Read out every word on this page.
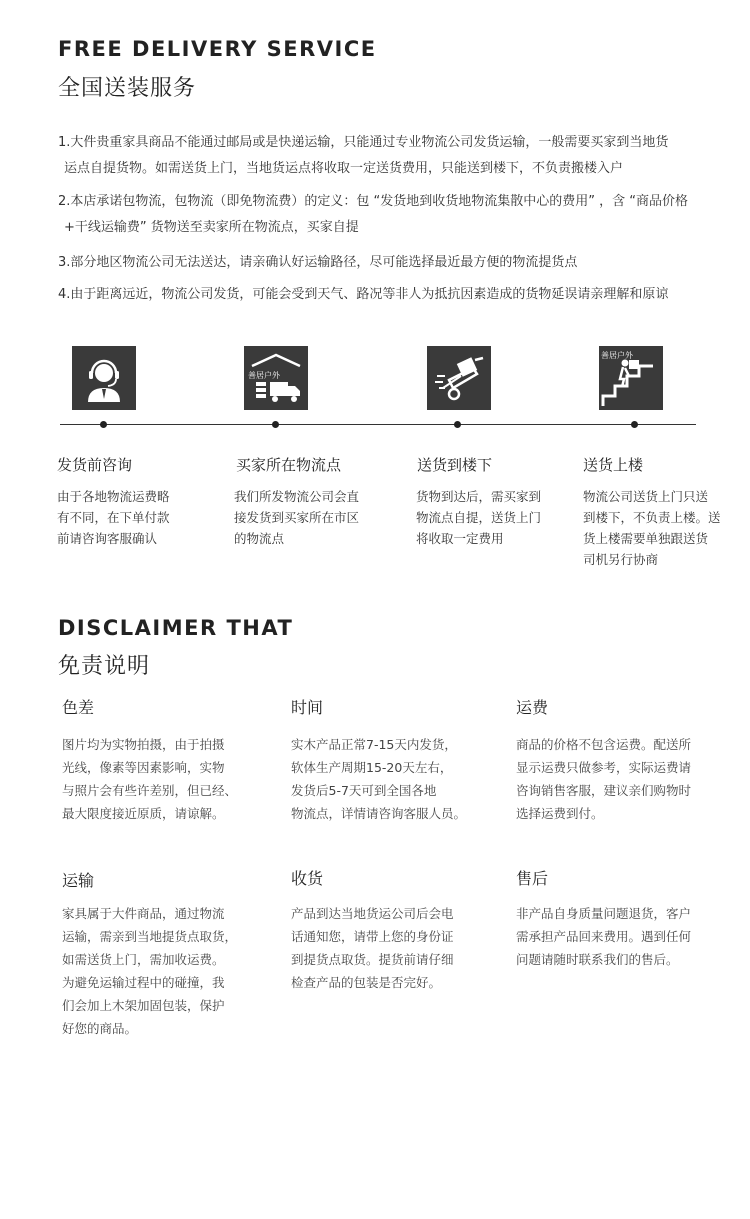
FREE DELIVERY SERVICE
全国送装服务
1.大件贵重家具商品不能通过邮局或是快递运输，只能通过专业物流公司发货运输，一般需要买家到当地货
运点自提货物。如需送货上门，当地货运点将收取一定送货费用，只能送到楼下，不负责搬楼入户
2.本店承诺包物流，包物流（即免物流费）的定义：包 “发货地到收货地物流集散中心的费用” ，含 “商品价格
+干线运输费” 货物送至卖家所在物流点，买家自提
3.部分地区物流公司无法送达，请亲确认好运输路径，尽可能选择最近最方便的物流提货点
4.由于距离远近，物流公司发货，可能会受到天气、路况等非人为抵抗因素造成的货物延误请亲理解和原谅
善居户外
善居户外
发货前咨询	买家所在物流点	送货到楼下	送货上楼
由于各地物流运费略
有不同，在下单付款
前请咨询客服确认
我们所发物流公司会直
接发货到买家所在市区
的物流点
货物到达后，需买家到
物流点自提，送货上门
将收取一定费用
物流公司送货上门只送
到楼下，不负责上楼。送
货上楼需要单独跟送货
司机另行协商
DISCLAIMER THAT
免责说明
色差
图片均为实物拍摄，由于拍摄
光线，像素等因素影响，实物
与照片会有些许差别，但已经、
最大限度接近原质，请谅解。
时间
实木产品正常7-15天内发货，
软体生产周期15-20天左右，
发货后5-7天可到全国各地
物流点，详情请咨询客服人员。
运费
商品的价格不包含运费。配送所
显示运费只做参考，实际运费请
咨询销售客服，建议亲们购物时
选择运费到付。
运输
家具属于大件商品，通过物流
运输，需亲到当地提货点取货，
如需送货上门，需加收运费。
为避免运输过程中的碰撞，我
们会加上木架加固包装，保护
好您的商品。
收货
产品到达当地货运公司后会电
话通知您，请带上您的身份证
到提货点取货。提货前请仔细
检查产品的包装是否完好。
售后
非产品自身质量问题退货，客户
需承担产品回来费用。遇到任何
问题请随时联系我们的售后。
